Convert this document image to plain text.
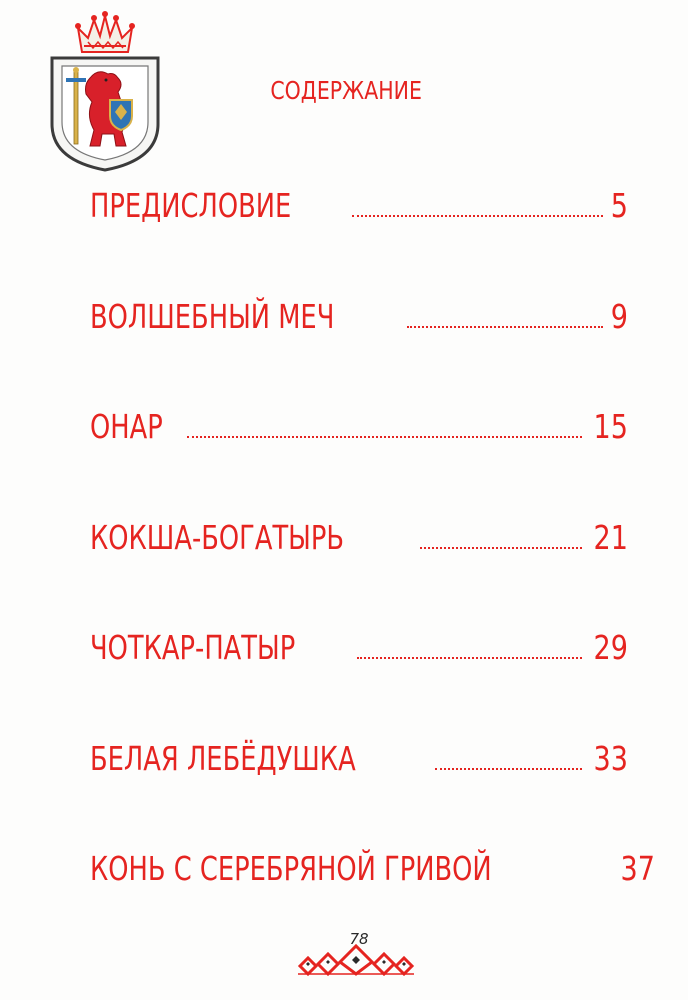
СОДЕРЖАНИЕ
ПРЕДИСЛОВИЕ	5
ВОЛШЕБНЫЙ МЕЧ	9
ОНАР	15
КОКША-БОГАТЫРЬ	21
ЧОТКАР-ПАТЫР	29
БЕЛАЯ ЛЕБЁДУШКА	33
КОНЬ С СЕРЕБРЯНОЙ ГРИВОЙ	37
78
